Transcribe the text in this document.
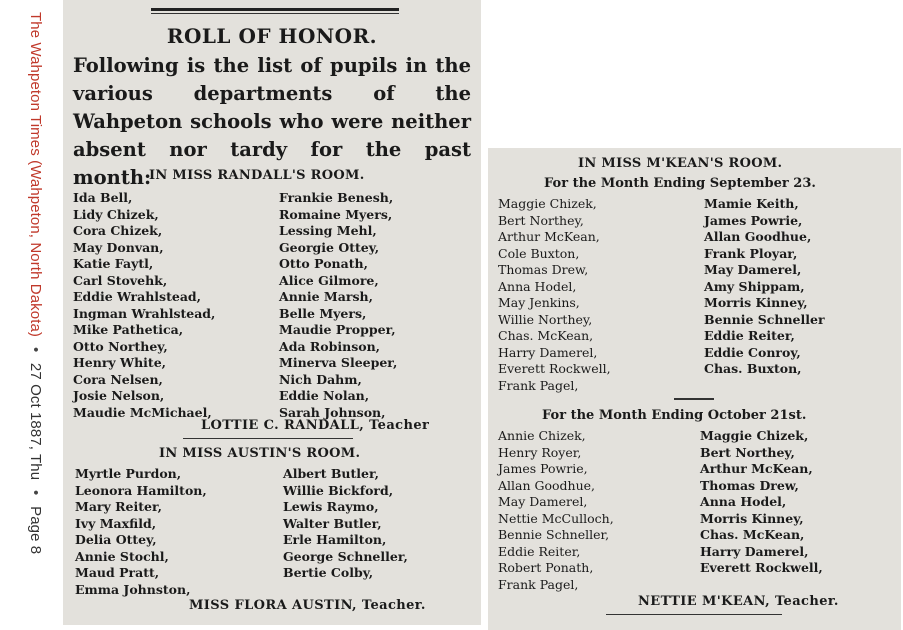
The Wahpeton Times (Wahpeton, North Dakota) • 27 Oct 1887, Thu • Page 8
ROLL OF HONOR.
Following is the list of pupils in the various departments of the Wahpeton schools who were neither absent nor tardy for the past month:
IN MISS RANDALL'S ROOM.
Ida Bell,
Lidy Chizek,
Cora Chizek,
May Donvan,
Katie Faytl,
Carl Stovehk,
Eddie Wrahlstead,
Ingman Wrahlstead,
Mike Pathetica,
Otto Northey,
Henry White,
Cora Nelsen,
Josie Nelson,
Maudie McMichael,
Frankie Benesh,
Romaine Myers,
Lessing Mehl,
Georgie Ottey,
Otto Ponath,
Alice Gilmore,
Annie Marsh,
Belle Myers,
Maudie Propper,
Ada Robinson,
Minerva Sleeper,
Nich Dahm,
Eddie Nolan,
Sarah Johnson,
LOTTIE C. RANDALL, Teacher
IN MISS AUSTIN'S ROOM.
Myrtle Purdon,
Leonora Hamilton,
Mary Reiter,
Ivy Maxfild,
Delia Ottey,
Annie Stochl,
Maud Pratt,
Emma Johnston,
Albert Butler,
Willie Bickford,
Lewis Raymo,
Walter Butler,
Erle Hamilton,
George Schneller,
Bertie Colby,
MISS FLORA AUSTIN, Teacher.
IN MISS M'KEAN'S ROOM.
For the Month Ending September 23.
Maggie Chizek,
Bert Northey,
Arthur McKean,
Cole Buxton,
Thomas Drew,
Anna Hodel,
May Jenkins,
Willie Northey,
Chas. McKean,
Harry Damerel,
Everett Rockwell,
Frank Pagel,
Mamie Keith,
James Powrie,
Allan Goodhue,
Frank Ployar,
May Damerel,
Amy Shippam,
Morris Kinney,
Bennie Schneller
Eddie Reiter,
Eddie Conroy,
Chas. Buxton,
For the Month Ending October 21st.
Annie Chizek,
Henry Royer,
James Powrie,
Allan Goodhue,
May Damerel,
Nettie McCulloch,
Bennie Schneller,
Eddie Reiter,
Robert Ponath,
Frank Pagel,
Maggie Chizek,
Bert Northey,
Arthur McKean,
Thomas Drew,
Anna Hodel,
Morris Kinney,
Chas. McKean,
Harry Damerel,
Everett Rockwell,
NETTIE M'KEAN, Teacher.
